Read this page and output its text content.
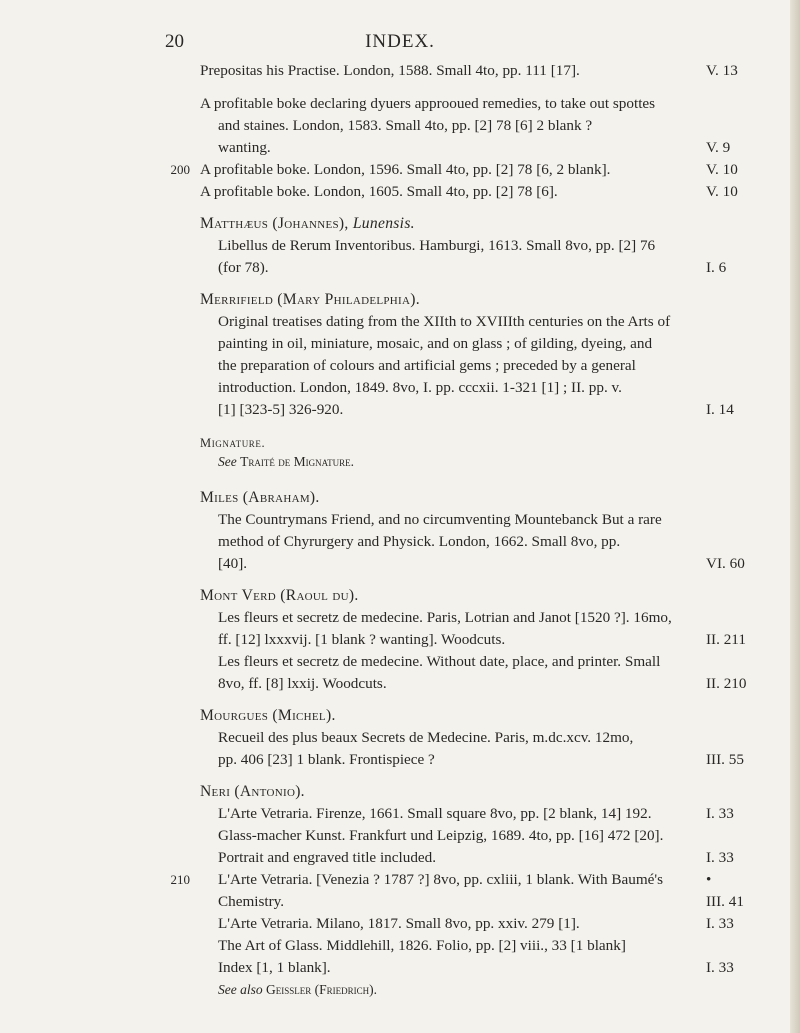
20	INDEX.
Prepositas his Practise. London, 1588. Small 4to, pp. 111 [17].	V. 13
A profitable boke declaring dyuers approoued remedies, to take out spottes
and staines. London, 1583. Small 4to, pp. [2] 78 [6] 2 blank ?
wanting.	V. 9
200 A profitable boke. London, 1596. Small 4to, pp. [2] 78 [6, 2 blank].	V. 10
A profitable boke. London, 1605. Small 4to, pp. [2] 78 [6].	V. 10
Matthæus (Johannes), Lunensis.
Libellus de Rerum Inventoribus. Hamburgi, 1613. Small 8vo, pp. [2] 76
(for 78).	I. 6
Merrifield (Mary Philadelphia).
Original treatises dating from the XIIth to XVIIIth centuries on the Arts of
painting in oil, miniature, mosaic, and on glass ; of gilding, dyeing, and
the preparation of colours and artificial gems ; preceded by a general
introduction. London, 1849. 8vo, I. pp. cccxii. 1-321 [1] ; II. pp. v.
[1] [323-5] 326-920.	I. 14
Mignature.
See Traité de Mignature.
Miles (Abraham).
The Countrymans Friend, and no circumventing Mountebanck But a rare
method of Chyrurgery and Physick. London, 1662. Small 8vo, pp.
[40].	VI. 60
Mont Verd (Raoul du).
Les fleurs et secretz de medecine. Paris, Lotrian and Janot [1520 ?]. 16mo,
ff. [12] lxxxvij. [1 blank ? wanting]. Woodcuts.	II. 211
Les fleurs et secretz de medecine. Without date, place, and printer. Small
8vo, ff. [8] lxxij. Woodcuts.	II. 210
Mourgues (Michel).
Recueil des plus beaux Secrets de Medecine. Paris, m.dc.xcv. 12mo,
pp. 406 [23] 1 blank. Frontispiece ?	III. 55
Neri (Antonio).
L'Arte Vetraria. Firenze, 1661. Small square 8vo, pp. [2 blank, 14] 192.	I. 33
Glass-macher Kunst. Frankfurt und Leipzig, 1689. 4to, pp. [16] 472 [20].
Portrait and engraved title included.	I. 33
210 L'Arte Vetraria. [Venezia ? 1787 ?] 8vo, pp. cxliii, 1 blank. With Baumé's	•
Chemistry.	III. 41
L'Arte Vetraria. Milano, 1817. Small 8vo, pp. xxiv. 279 [1].	I. 33
The Art of Glass. Middlehill, 1826. Folio, pp. [2] viii., 33 [1 blank]
Index [1, 1 blank].	I. 33
See also Geissler (Friedrich).
